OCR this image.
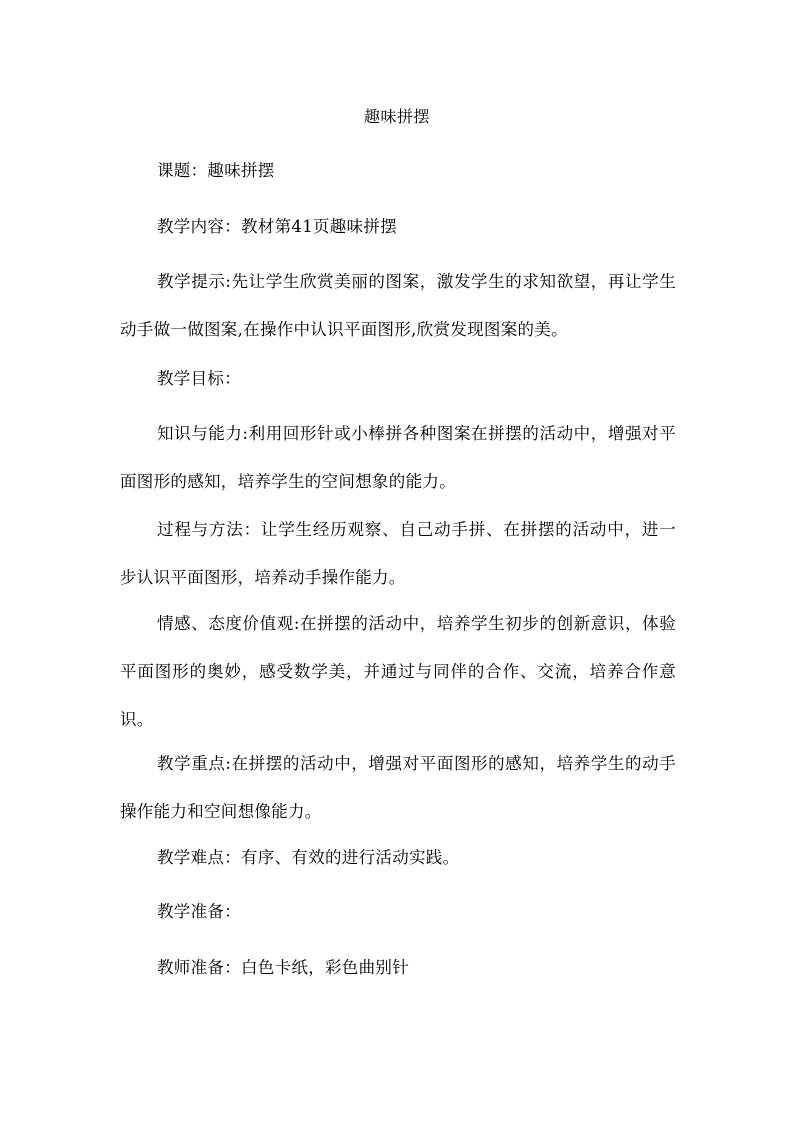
趣味拼摆

课题：趣味拼摆

教学内容：教材第41页趣味拼摆

教学提示:先让学生欣赏美丽的图案，激发学生的求知欲望，再让学生动手做一做图案,在操作中认识平面图形,欣赏发现图案的美。

教学目标：

知识与能力:利用回形针或小棒拼各种图案在拼摆的活动中，增强对平面图形的感知，培养学生的空间想象的能力。

过程与方法：让学生经历观察、自己动手拼、在拼摆的活动中，进一步认识平面图形，培养动手操作能力。

情感、态度价值观:在拼摆的活动中，培养学生初步的创新意识，体验平面图形的奥妙，感受数学美，并通过与同伴的合作、交流，培养合作意识。

教学重点:在拼摆的活动中，增强对平面图形的感知，培养学生的动手操作能力和空间想像能力。

教学难点：有序、有效的进行活动实践。

教学准备：

教师准备：白色卡纸，彩色曲别针
